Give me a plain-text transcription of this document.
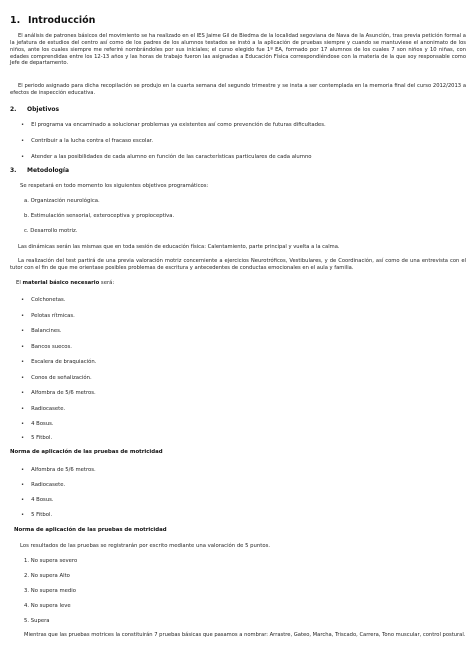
1. Introducción

El análisis de patrones básicos del movimiento se ha realizado en el IES Jaime Gil de Biedma de la localidad segoviana de Nava de la Asunción, tras previa petición formal a la jefatura de estudios del centro así como de los padres de los alumnos testados se instó a la aplicación de pruebas siempre y cuando se mantuviese el anonimato de los niños, ante los cuales siempre me referiré nombrándoles por sus iniciales; el curso elegido fue 1º EA, formado por 17 alumnos de los cuales 7 son niños y 10 niñas, con edades comprendidas entre los 12-13 años y las horas de trabajo fueron las asignadas a Educación Física correspondiéndose con la materia de la que soy responsable como Jefe de departamento.

El periodo asignado para dicha recopilación se produjo en la cuarta semana del segundo trimestre y se insta a ser contemplada en la memoria final del curso 2012/2013 a efectos de inspección educativa.

2. Objetivos
• El programa va encaminado a solucionar problemas ya existentes así como prevención de futuras dificultades.
• Contribuir a la lucha contra el fracaso escolar.
• Atender a las posibilidades de cada alumno en función de las características particulares de cada alumno
3. Metodología
Se respetará en todo momento los siguientes objetivos programáticos:
a. Organización neurológica.
b. Estimulación sensorial, exteroceptiva y propioceptiva.
c. Desarrollo motriz.

Las dinámicas serán las mismas que en toda sesión de educación física: Calentamiento, parte principal y vuelta a la calma.

La realización del test partirá de una previa valoración motriz concerniente a ejercicios Neurotróficos, Vestibulares, y de Coordinación, así como de una entrevista con el tutor con el fin de que me orientase posibles problemas de escritura y antecedentes de conductas emocionales en el aula y familia.

El material básico necesario será:
• Colchonetas.
• Pelotas rítmicas.
• Balancines.
• Bancos suecos.
• Escalera de braquiación.
• Conos de señalización.
• Alfombra de 5/6 metros.
• Radiocasete.
• 4 Bosus.
• 5 Fitbol.
Norma de aplicación de las pruebas de motricidad
• Alfombra de 5/6 metros.
• Radiocasete.
• 4 Bosus.
• 5 Fitbol.
Norma de aplicación de las pruebas de motricidad
Los resultados de las pruebas se registrarán por escrito mediante una valoración de 5 puntos.
1. No supera severo
2. No supera Alto
3. No supera medio
4. No supera leve
5. Supera

Mientras que las pruebas motrices la constituirán 7 pruebas básicas que pasamos a nombrar: Arrastre, Gateo, Marcha, Triscado, Carrera, Tono muscular, control postural.
